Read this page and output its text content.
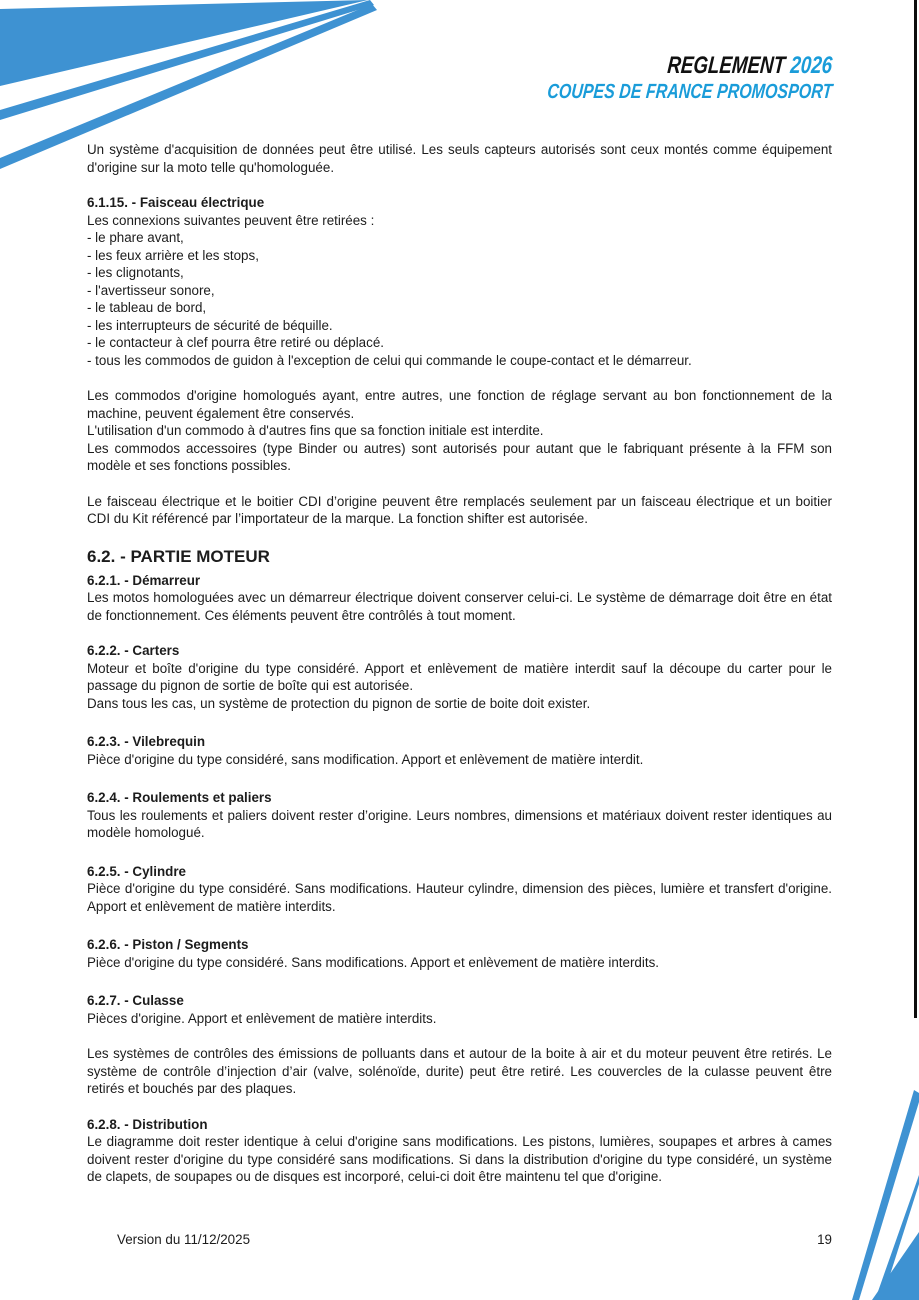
REGLEMENT 2026
COUPES DE FRANCE PROMOSPORT

Un système d'acquisition de données peut être utilisé. Les seuls capteurs autorisés sont ceux montés comme équipement d'origine sur la moto telle qu'homologuée.

6.1.15. - Faisceau électrique

Les connexions suivantes peuvent être retirées :

- le phare avant,

- les feux arrière et les stops,

- les clignotants,

- l'avertisseur sonore,

- le tableau de bord,

- les interrupteurs de sécurité de béquille.

- le contacteur à clef pourra être retiré ou déplacé.

- tous les commodos de guidon à l'exception de celui qui commande le coupe-contact et le démarreur.

Les commodos d'origine homologués ayant, entre autres, une fonction de réglage servant au bon fonctionnement de la machine, peuvent également être conservés.

L'utilisation d'un commodo à d'autres fins que sa fonction initiale est interdite.

Les commodos accessoires (type Binder ou autres) sont autorisés pour autant que le fabriquant présente à la FFM son modèle et ses fonctions possibles.

Le faisceau électrique et le boitier CDI d’origine peuvent être remplacés seulement par un faisceau électrique et un boitier CDI du Kit référencé par l’importateur de la marque. La fonction shifter est autorisée.

6.2. - PARTIE MOTEUR
6.2.1. - Démarreur

Les motos homologuées avec un démarreur électrique doivent conserver celui-ci. Le système de démarrage doit être en état de fonctionnement. Ces éléments peuvent être contrôlés à tout moment.

6.2.2. - Carters

Moteur et boîte d'origine du type considéré. Apport et enlèvement de matière interdit sauf la découpe du carter pour le passage du pignon de sortie de boîte qui est autorisée.

Dans tous les cas, un système de protection du pignon de sortie de boite doit exister.

6.2.3. - Vilebrequin

Pièce d'origine du type considéré, sans modification. Apport et enlèvement de matière interdit.

6.2.4. - Roulements et paliers

Tous les roulements et paliers doivent rester d’origine. Leurs nombres, dimensions et matériaux doivent rester identiques au modèle homologué.

6.2.5. - Cylindre

Pièce d'origine du type considéré. Sans modifications. Hauteur cylindre, dimension des pièces, lumière et transfert d'origine. Apport et enlèvement de matière interdits.

6.2.6. - Piston / Segments

Pièce d'origine du type considéré. Sans modifications. Apport et enlèvement de matière interdits.

6.2.7. - Culasse

Pièces d'origine. Apport et enlèvement de matière interdits.

Les systèmes de contrôles des émissions de polluants dans et autour de la boite à air et du moteur peuvent être retirés. Le système de contrôle d’injection d’air (valve, solénoïde, durite) peut être retiré. Les couvercles de la culasse peuvent être retirés et bouchés par des plaques.

6.2.8. - Distribution

Le diagramme doit rester identique à celui d'origine sans modifications. Les pistons, lumières, soupapes et arbres à cames doivent rester d'origine du type considéré sans modifications. Si dans la distribution d'origine du type considéré, un système de clapets, de soupapes ou de disques est incorporé, celui-ci doit être maintenu tel que d'origine.

Version du 11/12/2025	19
